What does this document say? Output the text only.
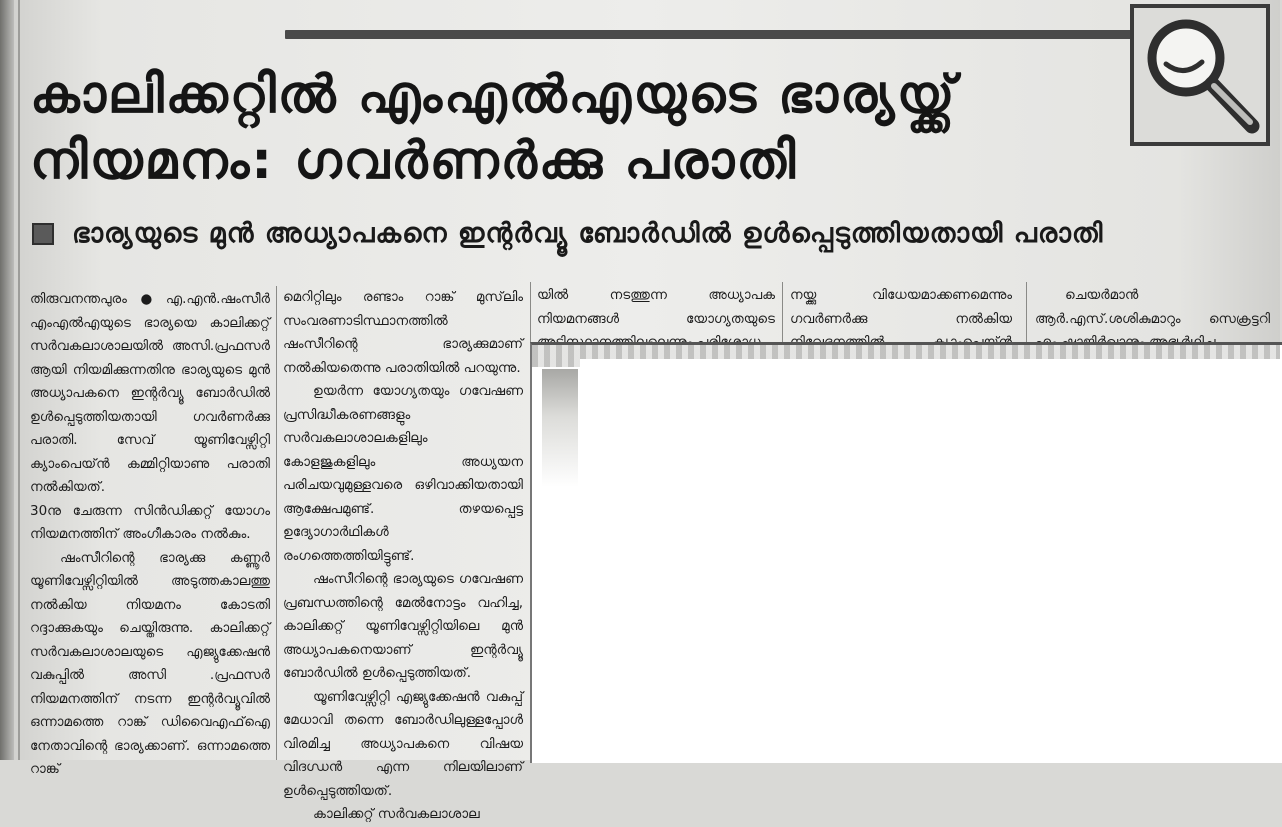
കാലിക്കറ്റിൽ എംഎൽഎയുടെ ഭാര്യയ്ക്ക്
നിയമനം: ഗവർണർക്കു പരാതി
ഭാര്യയുടെ മുൻ അധ്യാപകനെ ഇന്റർവ്യൂ ബോർഡിൽ ഉൾപ്പെടുത്തിയതായി പരാതി

തിരുവനന്തപുരം●എ.എൻ.ഷംസീർ എംഎൽഎയുടെ ഭാര്യയെ കാലിക്കറ്റ് സർവകലാശാലയിൽ അസി.പ്രഫസർ ആയി നിയമിക്കുന്നതിനു ഭാര്യയുടെ മുൻ അധ്യാപകനെ ഇന്റർവ്യൂ ബോർഡിൽ ഉൾപ്പെടുത്തിയതായി ഗവർണർക്കു പരാതി. സേവ് യൂണിവേഴ്സിറ്റി ക്യാംപെയ്ൻ കമ്മിറ്റിയാണു പരാതി നൽകിയത്.

30നു ചേരുന്ന സിൻഡിക്കറ്റ് യോഗം നിയമനത്തിന് അംഗീകാരം നൽകും.

ഷംസീറിന്റെ ഭാര്യക്കു കണ്ണൂർ യൂണിവേഴ്സിറ്റിയിൽ അടുത്തകാലത്തു നൽകിയ നിയമനം കോടതി റദ്ദാക്കുകയും ചെയ്തിരുന്നു. കാലിക്കറ്റ് സർവകലാശാലയുടെ എജ്യുക്കേഷൻ വകുപ്പിൽ അസി .പ്രഫസർ നിയമനത്തിന് നടന്ന ഇന്റർവ്യൂവിൽ ഒന്നാമത്തെ റാങ്ക് ഡിവൈഎഫ്ഐ നേതാവിന്റെ ഭാര്യക്കാണ്. ഒന്നാമത്തെ റാങ്ക്

മെറിറ്റിലും രണ്ടാം റാങ്ക് മുസ്‌ലിം സംവരണാടിസ്ഥാനത്തിൽ ഷംസീറിന്റെ ഭാര്യക്കുമാണ് നൽകിയതെന്നു പരാതിയിൽ പറയുന്നു.

ഉയർന്ന യോഗ്യതയും ഗവേഷണ പ്രസിദ്ധീകരണങ്ങളും സർവകലാശാലകളിലും കോളജുകളിലും അധ്യയന പരിചയവുമുള്ളവരെ ഒഴിവാക്കിയതായി ആക്ഷേപമുണ്ട്. തഴയപ്പെട്ട ഉദ്യോഗാർഥികൾ രംഗത്തെത്തിയിട്ടുണ്ട്.

ഷംസീറിന്റെ ഭാര്യയുടെ ഗവേഷണ പ്രബന്ധത്തിന്റെ മേൽനോട്ടം വഹിച്ച, കാലിക്കറ്റ് യൂണിവേഴ്സിറ്റിയിലെ മുൻ അധ്യാപകനെയാണ് ഇന്റർവ്യൂ ബോർഡിൽ ഉൾപ്പെടുത്തിയത്.

യൂണിവേഴ്സിറ്റി എജ്യുക്കേഷൻ വകുപ്പ് മേധാവി തന്നെ ബോർഡിലുള്ളപ്പോൾ വിരമിച്ച അധ്യാപകനെ വിഷയ വിദഗ്ധൻ എന്ന നിലയിലാണ് ഉൾപ്പെടുത്തിയത്.

കാലിക്കറ്റ് സർവകലാശാല

യിൽ നടത്തുന്ന അധ്യാപക നിയമനങ്ങൾ യോഗ്യതയുടെ

നയ്ക്കു വിധേയമാക്കണമെന്നും ഗവർണർക്കു നൽകിയ

ചെയർമാൻ ആർ.എസ്.ശശികുമാറും സെക്രട്ടറി
